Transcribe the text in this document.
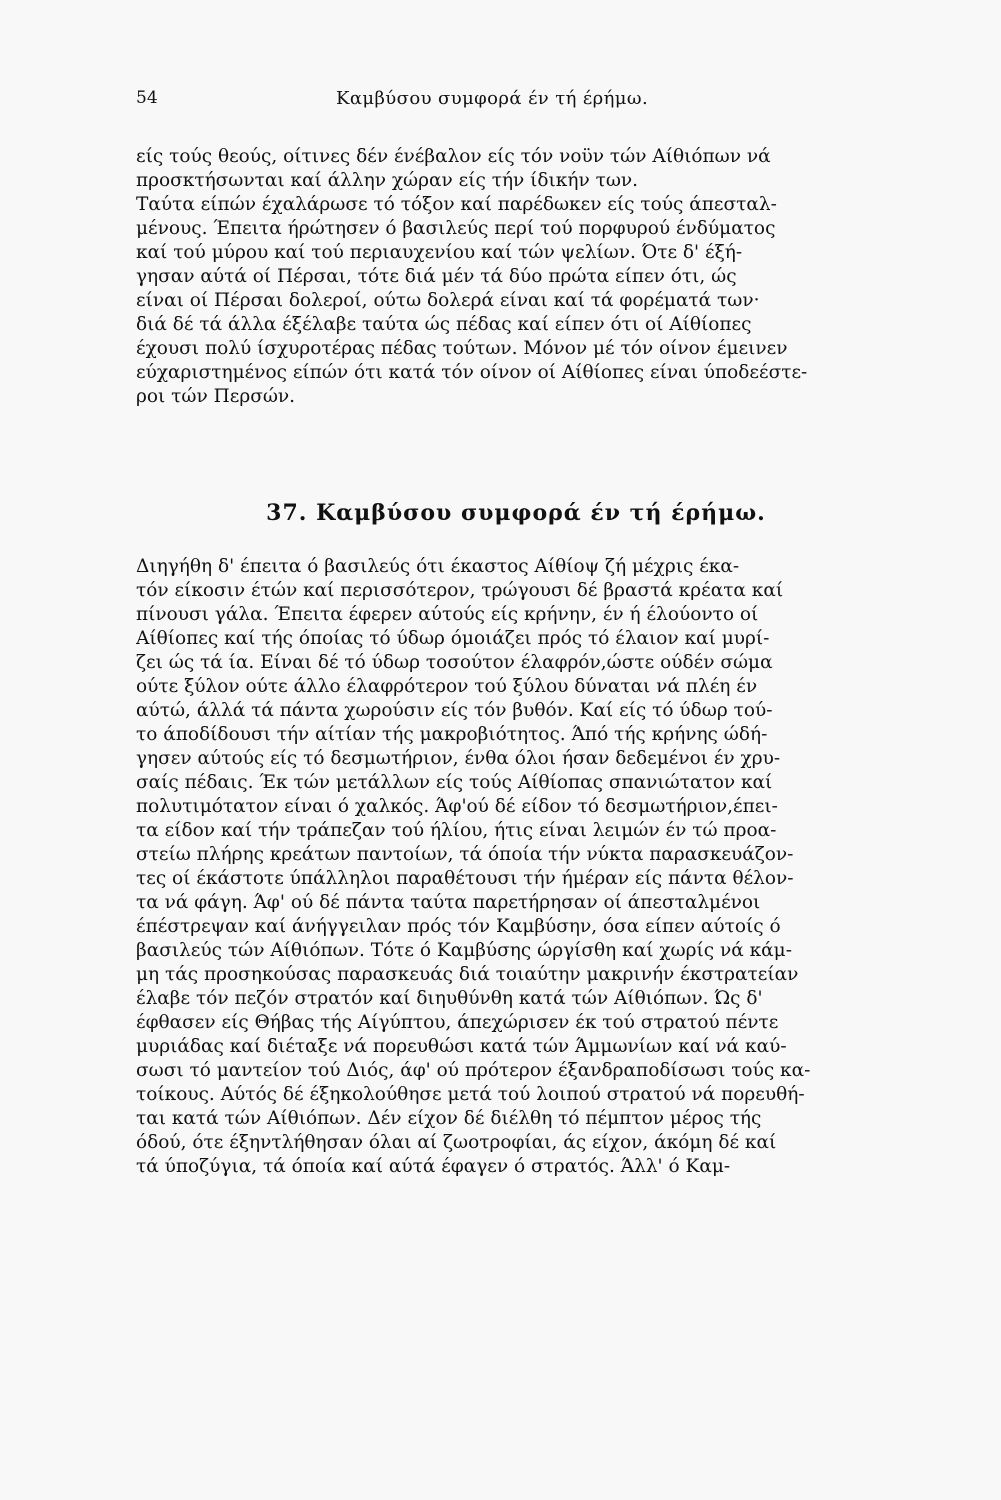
54	Καμβύσου συμφορά έν τή έρήμω.
είς τούς θεούς, οίτινες δέν ένέβαλον είς τόν νοϋν τών Αίθιόπων νά
προσκτήσωνται καί άλλην χώραν είς τήν ίδικήν των.
Ταύτα είπών έχαλάρωσε τό τόξον καί παρέδωκεν είς τούς άπεσταλ-
μένους. Έπειτα ήρώτησεν ό βασιλεύς περί τού πορφυρού ένδύματος
καί τού μύρου καί τού περιαυχενίου καί τών ψελίων. Ότε δ' έξή-
γησαν αύτά οί Πέρσαι, τότε διά μέν τά δύο πρώτα είπεν ότι, ώς
είναι οί Πέρσαι δολεροί, ούτω δολερά είναι καί τά φορέματά των·
διά δέ τά άλλα έξέλαβε ταύτα ώς πέδας καί είπεν ότι οί Αίθίοπες
έχουσι πολύ ίσχυροτέρας πέδας τούτων. Μόνον μέ τόν οίνον έμεινεν
εύχαριστημένος είπών ότι κατά τόν οίνον οί Αίθίοπες είναι ύποδεέστε-
ροι τών Περσών.
37. Καμβύσου συμφορά έν τή έρήμω.
Διηγήθη δ' έπειτα ό βασιλεύς ότι έκαστος Αίθίοψ ζή μέχρις έκα-
τόν είκοσιν έτών καί περισσότερον, τρώγουσι δέ βραστά κρέατα καί
πίνουσι γάλα. Έπειτα έφερεν αύτούς είς κρήνην, έν ή έλούοντο οί
Αίθίοπες καί τής όποίας τό ύδωρ όμοιάζει πρός τό έλαιον καί μυρί-
ζει ώς τά ία. Είναι δέ τό ύδωρ τοσούτον έλαφρόν,ώστε ούδέν σώμα
ούτε ξύλον ούτε άλλο έλαφρότερον τού ξύλου δύναται νά πλέη έν
αύτώ, άλλά τά πάντα χωρούσιν είς τόν βυθόν. Καί είς τό ύδωρ τού-
το άποδίδουσι τήν αίτίαν τής μακροβιότητος. Άπό τής κρήνης ώδή-
γησεν αύτούς είς τό δεσμωτήριον, ένθα όλοι ήσαν δεδεμένοι έν χρυ-
σαίς πέδαις. Έκ τών μετάλλων είς τούς Αίθίοπας σπανιώτατον καί
πολυτιμότατον είναι ό χαλκός. Άφ'ού δέ είδον τό δεσμωτήριον,έπει-
τα είδον καί τήν τράπεζαν τού ήλίου, ήτις είναι λειμών έν τώ προα-
στείω πλήρης κρεάτων παντοίων, τά όποία τήν νύκτα παρασκευάζον-
τες οί έκάστοτε ύπάλληλοι παραθέτουσι τήν ήμέραν είς πάντα θέλον-
τα νά φάγη. Άφ' ού δέ πάντα ταύτα παρετήρησαν οί άπεσταλμένοι
έπέστρεψαν καί άνήγγειλαν πρός τόν Καμβύσην, όσα είπεν αύτοίς ό
βασιλεύς τών Αίθιόπων. Τότε ό Καμβύσης ώργίσθη καί χωρίς νά κάμ-
μη τάς προσηκούσας παρασκευάς διά τοιαύτην μακρινήν έκστρατείαν
έλαβε τόν πεζόν στρατόν καί διηυθύνθη κατά τών Αίθιόπων. Ώς δ'
έφθασεν είς Θήβας τής Αίγύπτου, άπεχώρισεν έκ τού στρατού πέντε
μυριάδας καί διέταξε νά πορευθώσι κατά τών Άμμωνίων καί νά καύ-
σωσι τό μαντείον τού Διός, άφ' ού πρότερον έξανδραποδίσωσι τούς κα-
τοίκους. Αύτός δέ έξηκολούθησε μετά τού λοιπού στρατού νά πορευθή-
ται κατά τών Αίθιόπων. Δέν είχον δέ διέλθη τό πέμπτον μέρος τής
όδού, ότε έξηντλήθησαν όλαι αί ζωοτροφίαι, άς είχον, άκόμη δέ καί
τά ύποζύγια, τά όποία καί αύτά έφαγεν ό στρατός. Άλλ' ό Καμ-
